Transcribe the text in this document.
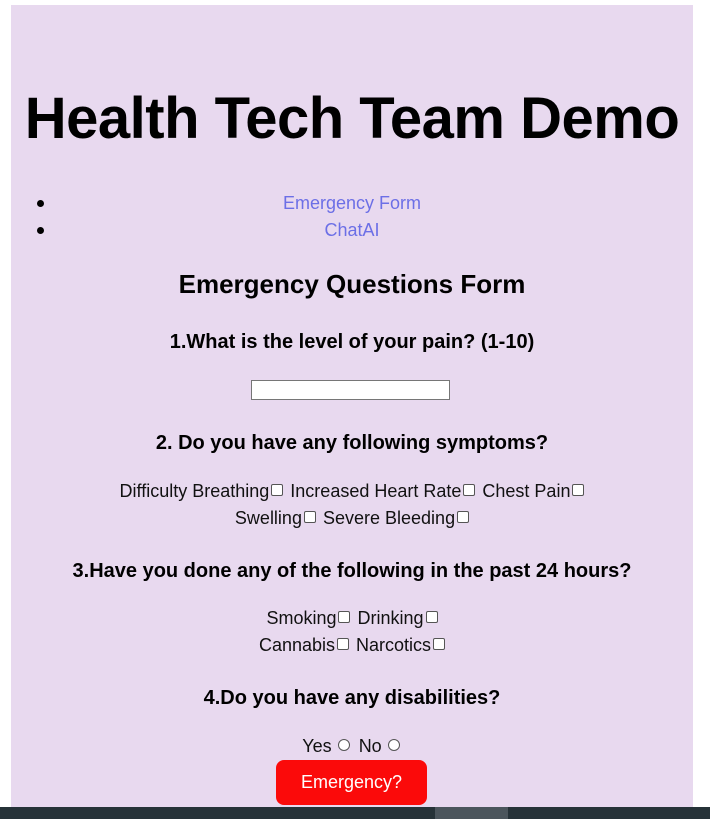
Health Tech Team Demo
Emergency Form
ChatAI
Emergency Questions Form
1.What is the level of your pain? (1-10)
2. Do you have any following symptoms?
Difficulty Breathing Increased Heart Rate Chest Pain
Swelling Severe Bleeding
3.Have you done any of the following in the past 24 hours?
Smoking Drinking
Cannabis Narcotics
4.Do you have any disabilities?
Yes No
Emergency?
